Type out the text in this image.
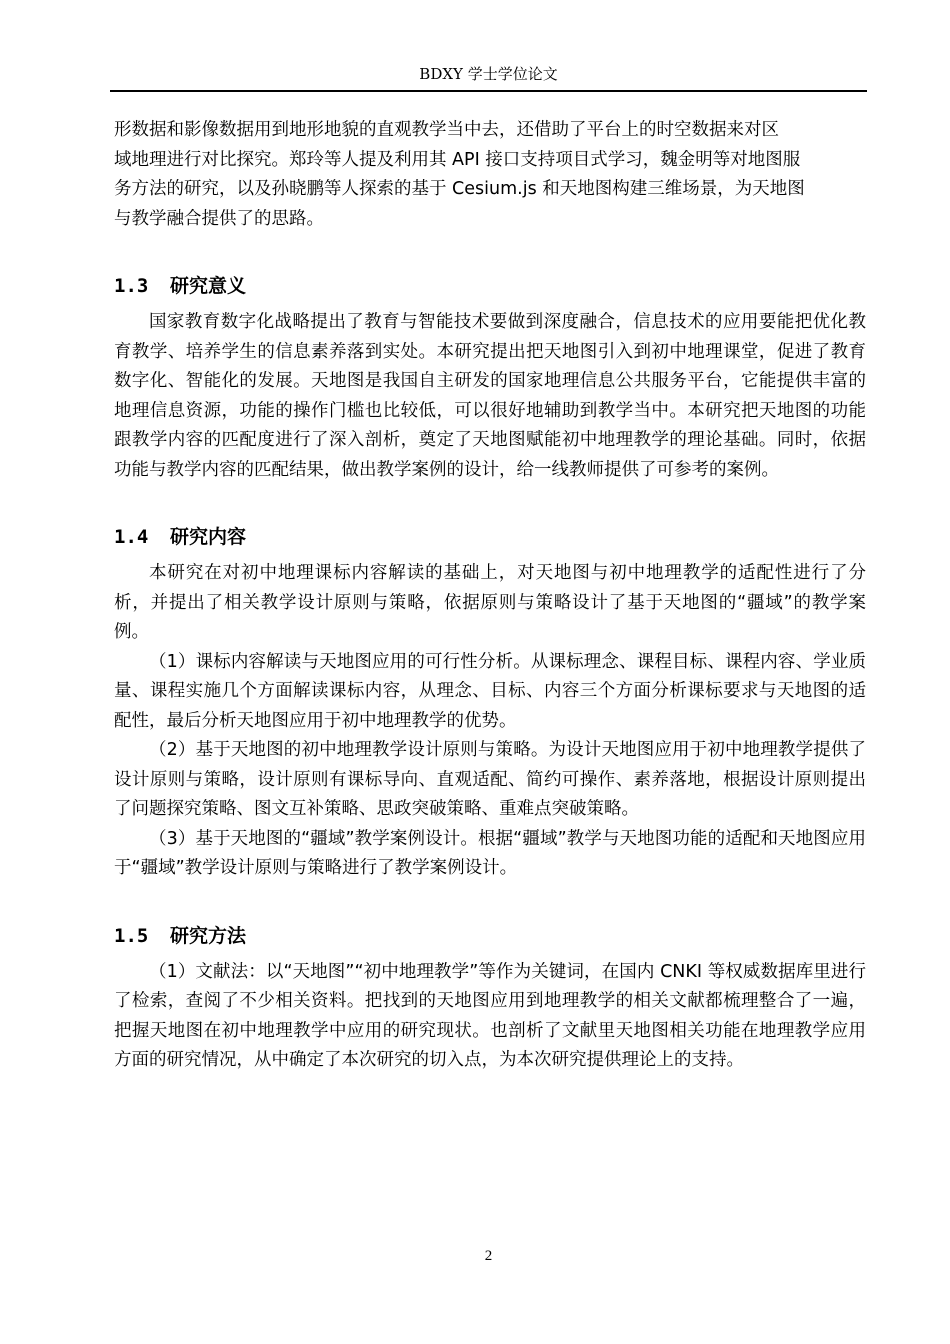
BDXY 学士学位论文

形数据和影像数据用到地形地貌的直观教学当中去，还借助了平台上的时空数据来对区

域地理进行对比探究。郑玲等人提及利用其 API 接口支持项目式学习，魏金明等对地图服

务方法的研究，以及孙晓鹏等人探索的基于 Cesium.js 和天地图构建三维场景，为天地图

与教学融合提供了的思路。

1.3 研究意义

国家教育数字化战略提出了教育与智能技术要做到深度融合，信息技术的应用要能把优化教育教学、培养学生的信息素养落到实处。本研究提出把天地图引入到初中地理课堂，促进了教育数字化、智能化的发展。天地图是我国自主研发的国家地理信息公共服务平台，它能提供丰富的地理信息资源，功能的操作门槛也比较低，可以很好地辅助到教学当中。本研究把天地图的功能跟教学内容的匹配度进行了深入剖析，奠定了天地图赋能初中地理教学的理论基础。同时，依据功能与教学内容的匹配结果，做出教学案例的设计，给一线教师提供了可参考的案例。

1.4 研究内容

本研究在对初中地理课标内容解读的基础上，对天地图与初中地理教学的适配性进行了分析，并提出了相关教学设计原则与策略，依据原则与策略设计了基于天地图的“疆域”的教学案例。

（1）课标内容解读与天地图应用的可行性分析。从课标理念、课程目标、课程内容、学业质量、课程实施几个方面解读课标内容，从理念、目标、内容三个方面分析课标要求与天地图的适配性，最后分析天地图应用于初中地理教学的优势。

（2）基于天地图的初中地理教学设计原则与策略。为设计天地图应用于初中地理教学提供了设计原则与策略，设计原则有课标导向、直观适配、简约可操作、素养落地，根据设计原则提出了问题探究策略、图文互补策略、思政突破策略、重难点突破策略。

（3）基于天地图的“疆域”教学案例设计。根据“疆域”教学与天地图功能的适配和天地图应用于“疆域”教学设计原则与策略进行了教学案例设计。

1.5 研究方法

（1）文献法：以“天地图”“初中地理教学”等作为关键词，在国内 CNKI 等权威数据库里进行了检索，查阅了不少相关资料。把找到的天地图应用到地理教学的相关文献都梳理整合了一遍，把握天地图在初中地理教学中应用的研究现状。也剖析了文献里天地图相关功能在地理教学应用方面的研究情况，从中确定了本次研究的切入点，为本次研究提供理论上的支持。

2
